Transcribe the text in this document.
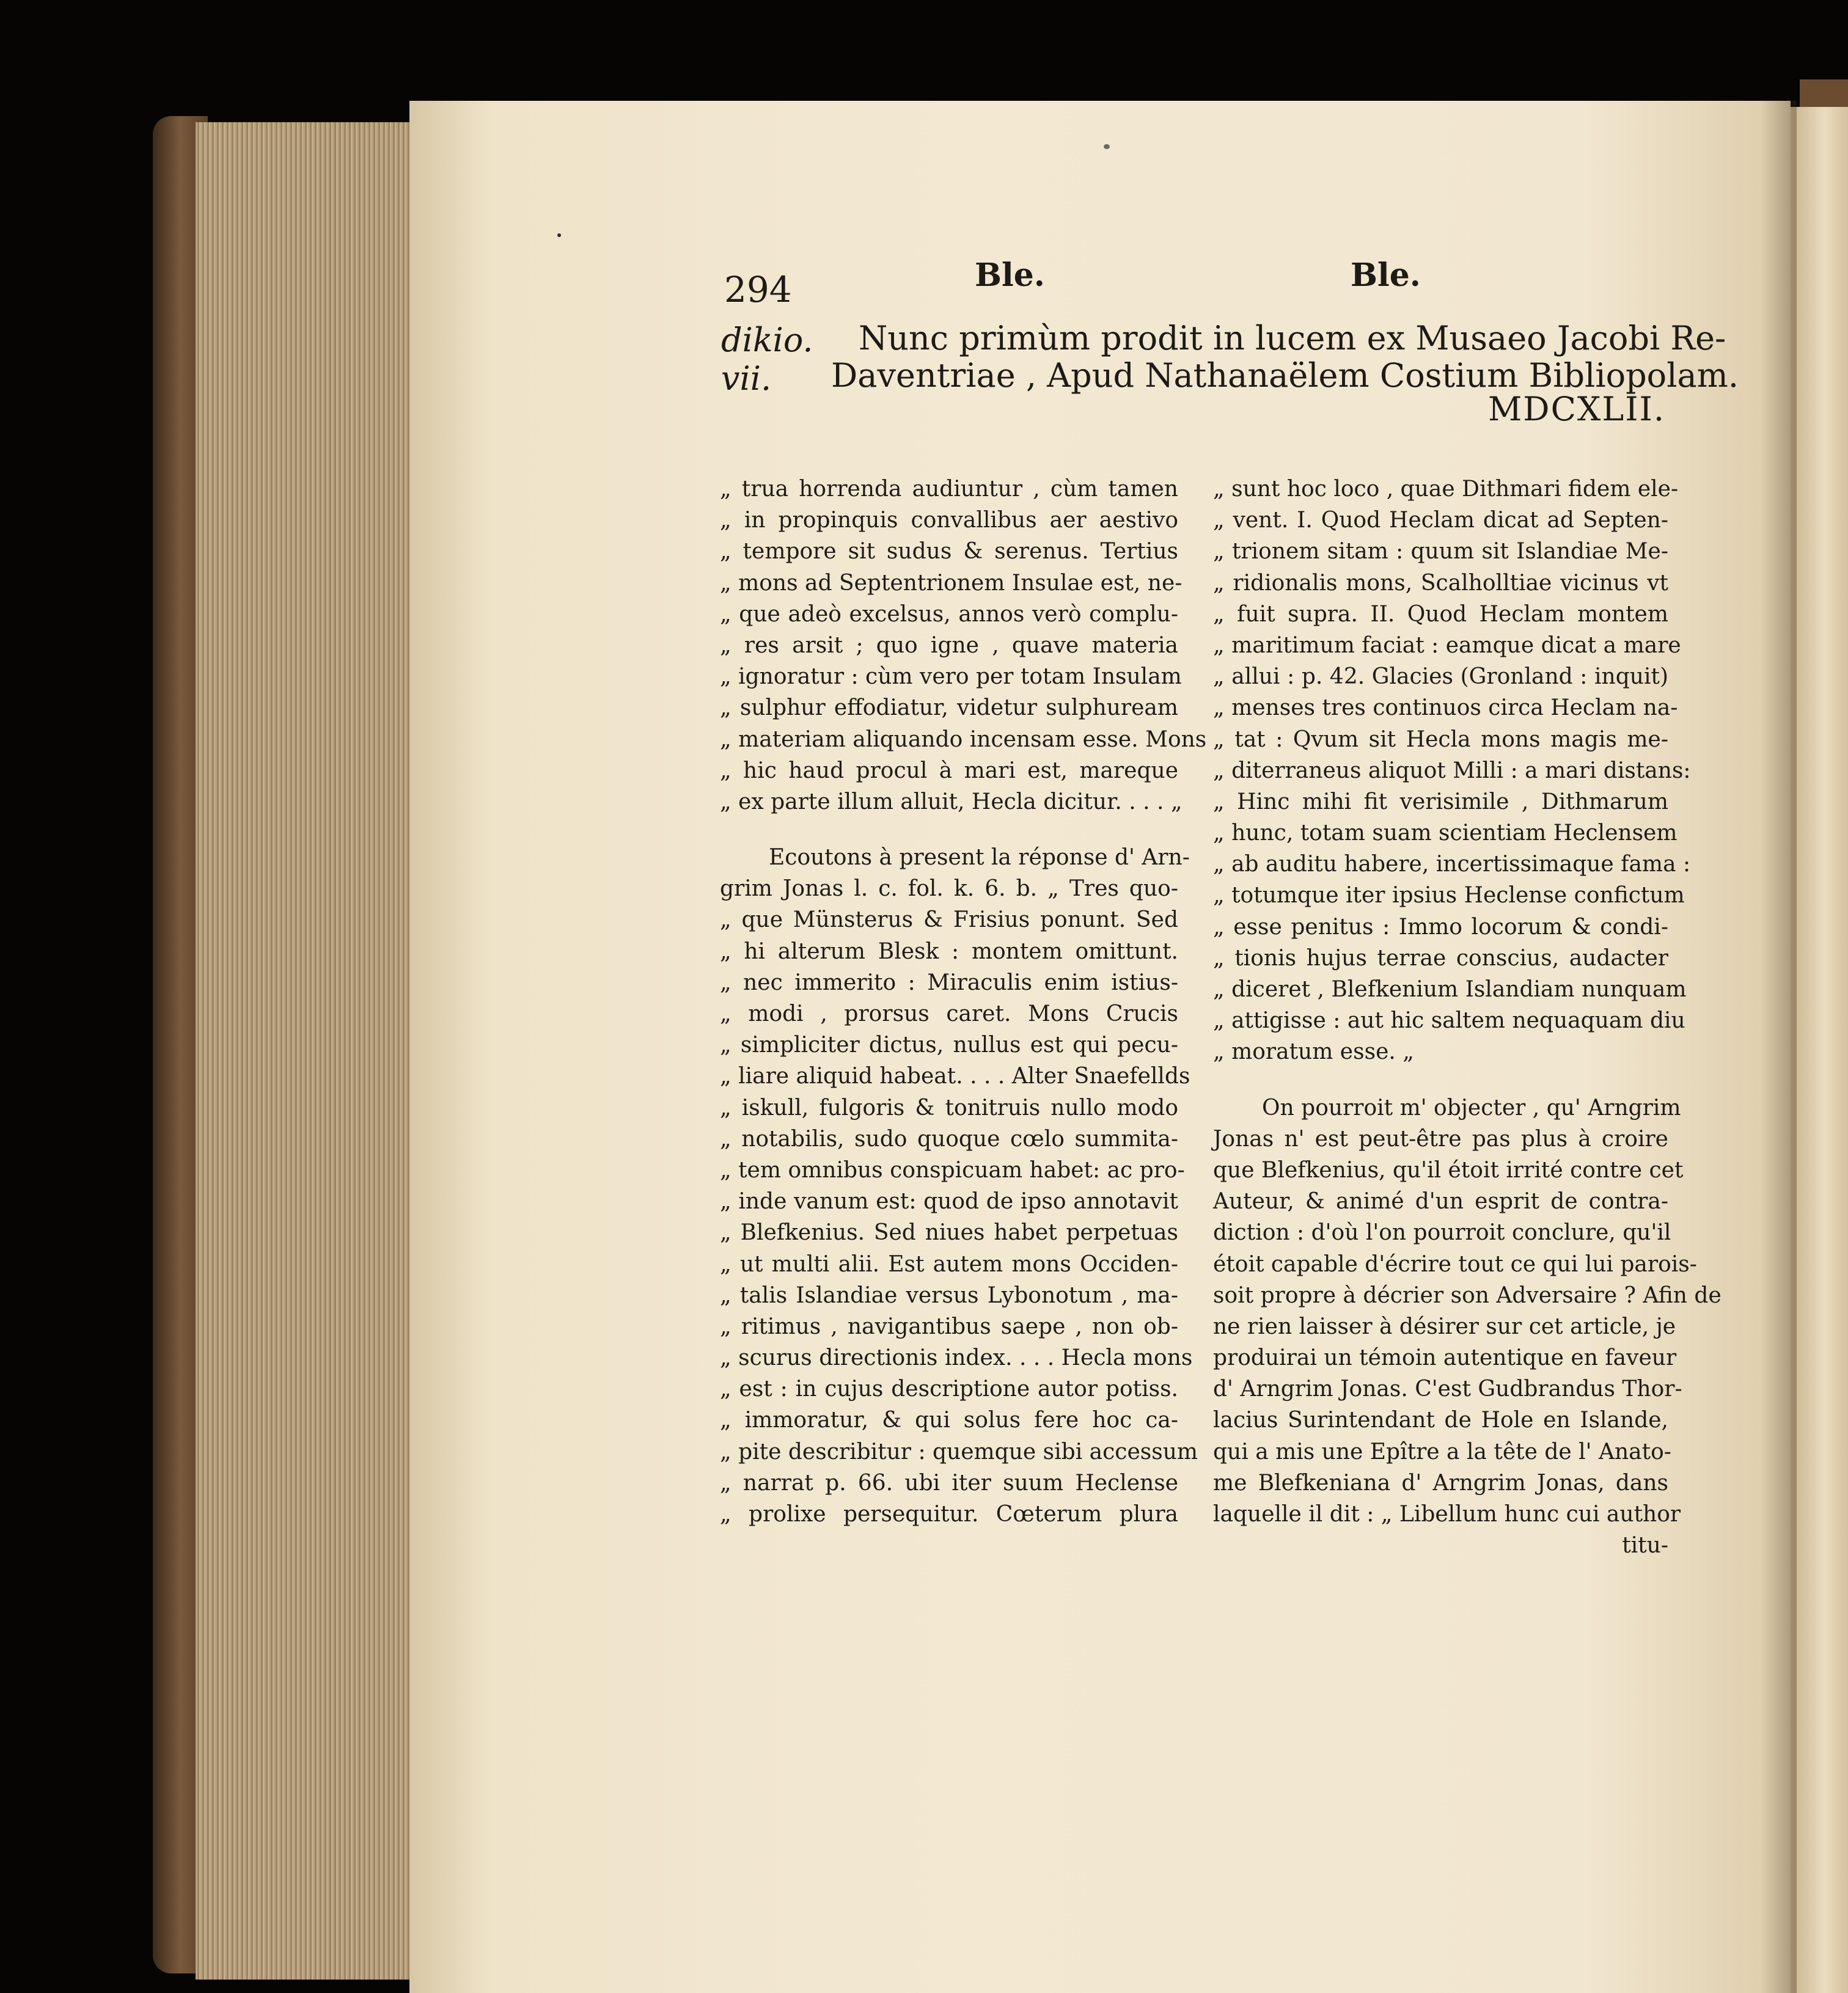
294	Ble.	Ble.
dikio. Nunc primùm prodit in lucem ex Musaeo Jacobi Re-
vii. Daventriae , Apud Nathanaëlem Costium Bibliopolam.
MDCXLII.
„ trua horrenda audiuntur , cùm tamen
„ in propinquis convallibus aer aestivo
„ tempore sit sudus & serenus. Tertius
„ mons ad Septentrionem Insulae est, ne-
„ que adeò excelsus, annos verò complu-
„ res arsit ; quo igne , quave materia
„ ignoratur : cùm vero per totam Insulam
„ sulphur effodiatur, videtur sulphuream
„ materiam aliquando incensam esse. Mons
„ hic haud procul à mari est, mareque
„ ex parte illum alluit, Hecla dicitur. . . . „
Ecoutons à present la réponse d' Arn-
grim Jonas l. c. fol. k. 6. b. „ Tres quo-
„ que Münsterus & Frisius ponunt. Sed
„ hi alterum Blesk : montem omittunt.
„ nec immerito : Miraculis enim istius-
„ modi , prorsus caret. Mons Crucis
„ simpliciter dictus, nullus est qui pecu-
„ liare aliquid habeat. . . . Alter Snaefellds
„ iskull, fulgoris & tonitruis nullo modo
„ notabilis, sudo quoque cœlo summita-
„ tem omnibus conspicuam habet: ac pro-
„ inde vanum est: quod de ipso annotavit
„ Blefkenius. Sed niues habet perpetuas
„ ut multi alii. Est autem mons Occiden-
„ talis Islandiae versus Lybonotum , ma-
„ ritimus , navigantibus saepe , non ob-
„ scurus directionis index. . . . Hecla mons
„ est : in cujus descriptione autor potiss.
„ immoratur, & qui solus fere hoc ca-
„ pite describitur : quemque sibi accessum
„ narrat p. 66. ubi iter suum Heclense
„ prolixe persequitur. Cœterum plura
„ sunt hoc loco , quae Dithmari fidem ele-
„ vent. I. Quod Heclam dicat ad Septen-
„ trionem sitam : quum sit Islandiae Me-
„ ridionalis mons, Scalholltiae vicinus vt
„ fuit supra. II. Quod Heclam montem
„ maritimum faciat : eamque dicat a mare
„ allui : p. 42. Glacies (Gronland : inquit)
„ menses tres continuos circa Heclam na-
„ tat : Qvum sit Hecla mons magis me-
„ diterraneus aliquot Milli : a mari distans:
„ Hinc mihi fit verisimile , Dithmarum
„ hunc, totam suam scientiam Heclensem
„ ab auditu habere, incertissimaque fama :
„ totumque iter ipsius Heclense confictum
„ esse penitus : Immo locorum & condi-
„ tionis hujus terrae conscius, audacter
„ diceret , Blefkenium Islandiam nunquam
„ attigisse : aut hic saltem nequaquam diu
„ moratum esse. „
On pourroit m' objecter , qu' Arngrim
Jonas n' est peut-être pas plus à croire
que Blefkenius, qu'il étoit irrité contre cet
Auteur, & animé d'un esprit de contra-
diction : d'où l'on pourroit conclure, qu'il
étoit capable d'écrire tout ce qui lui parois-
soit propre à décrier son Adversaire ? Afin de
ne rien laisser à désirer sur cet article, je
produirai un témoin autentique en faveur
d' Arngrim Jonas. C'est Gudbrandus Thor-
lacius Surintendant de Hole en Islande,
qui a mis une Epître a la tête de l' Anato-
me Blefkeniana d' Arngrim Jonas, dans
laquelle il dit : „ Libellum hunc cui author
titu-
